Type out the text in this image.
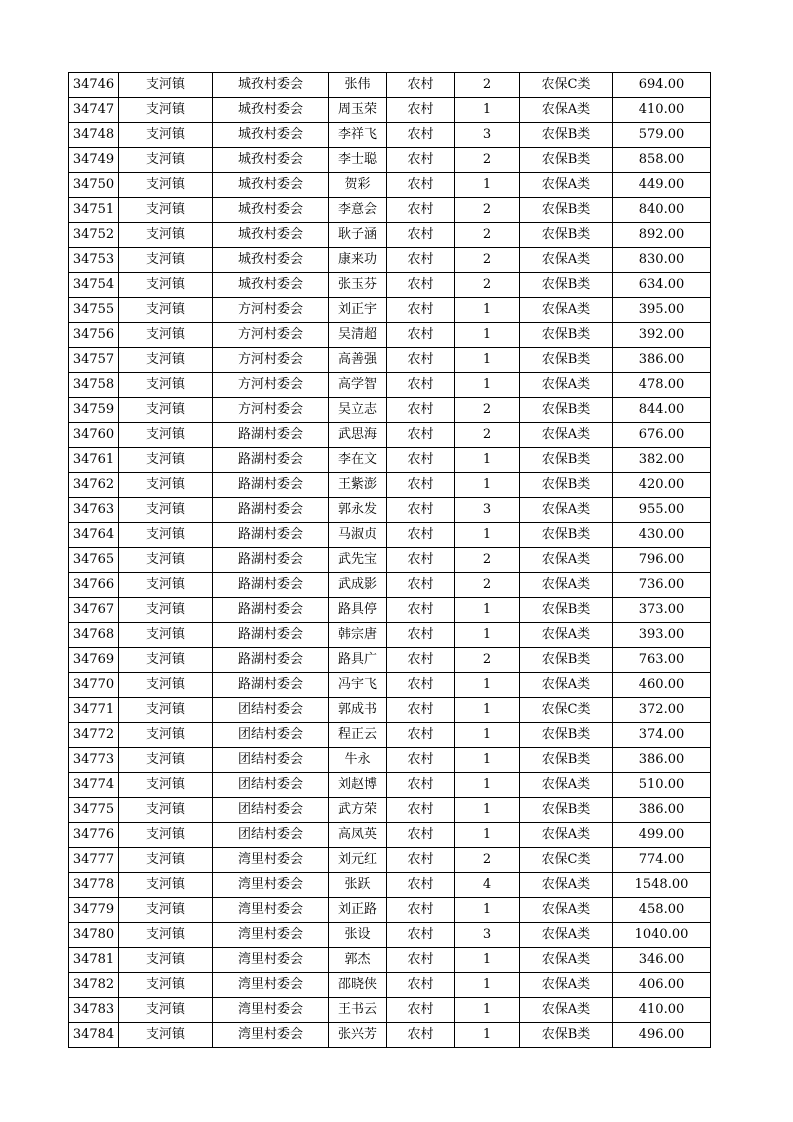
34746	支河镇	城孜村委会	张伟	农村	2	农保C类	694.00
34747	支河镇	城孜村委会	周玉荣	农村	1	农保A类	410.00
34748	支河镇	城孜村委会	李祥飞	农村	3	农保B类	579.00
34749	支河镇	城孜村委会	李士聪	农村	2	农保B类	858.00
34750	支河镇	城孜村委会	贺彩	农村	1	农保A类	449.00
34751	支河镇	城孜村委会	李意会	农村	2	农保B类	840.00
34752	支河镇	城孜村委会	耿子涵	农村	2	农保B类	892.00
34753	支河镇	城孜村委会	康来功	农村	2	农保A类	830.00
34754	支河镇	城孜村委会	张玉芬	农村	2	农保B类	634.00
34755	支河镇	方河村委会	刘正宇	农村	1	农保A类	395.00
34756	支河镇	方河村委会	吴清超	农村	1	农保B类	392.00
34757	支河镇	方河村委会	高善强	农村	1	农保B类	386.00
34758	支河镇	方河村委会	高学智	农村	1	农保A类	478.00
34759	支河镇	方河村委会	吴立志	农村	2	农保B类	844.00
34760	支河镇	路湖村委会	武思海	农村	2	农保A类	676.00
34761	支河镇	路湖村委会	李在文	农村	1	农保B类	382.00
34762	支河镇	路湖村委会	王紫澎	农村	1	农保B类	420.00
34763	支河镇	路湖村委会	郭永发	农村	3	农保A类	955.00
34764	支河镇	路湖村委会	马淑贞	农村	1	农保B类	430.00
34765	支河镇	路湖村委会	武先宝	农村	2	农保A类	796.00
34766	支河镇	路湖村委会	武成影	农村	2	农保A类	736.00
34767	支河镇	路湖村委会	路具停	农村	1	农保B类	373.00
34768	支河镇	路湖村委会	韩宗唐	农村	1	农保A类	393.00
34769	支河镇	路湖村委会	路具广	农村	2	农保B类	763.00
34770	支河镇	路湖村委会	冯宇飞	农村	1	农保A类	460.00
34771	支河镇	团结村委会	郭成书	农村	1	农保C类	372.00
34772	支河镇	团结村委会	程正云	农村	1	农保B类	374.00
34773	支河镇	团结村委会	牛永	农村	1	农保B类	386.00
34774	支河镇	团结村委会	刘赵博	农村	1	农保A类	510.00
34775	支河镇	团结村委会	武方荣	农村	1	农保B类	386.00
34776	支河镇	团结村委会	高凤英	农村	1	农保A类	499.00
34777	支河镇	湾里村委会	刘元红	农村	2	农保C类	774.00
34778	支河镇	湾里村委会	张跃	农村	4	农保A类	1548.00
34779	支河镇	湾里村委会	刘正路	农村	1	农保A类	458.00
34780	支河镇	湾里村委会	张设	农村	3	农保A类	1040.00
34781	支河镇	湾里村委会	郭杰	农村	1	农保A类	346.00
34782	支河镇	湾里村委会	邵晓侠	农村	1	农保A类	406.00
34783	支河镇	湾里村委会	王书云	农村	1	农保A类	410.00
34784	支河镇	湾里村委会	张兴芳	农村	1	农保B类	496.00
